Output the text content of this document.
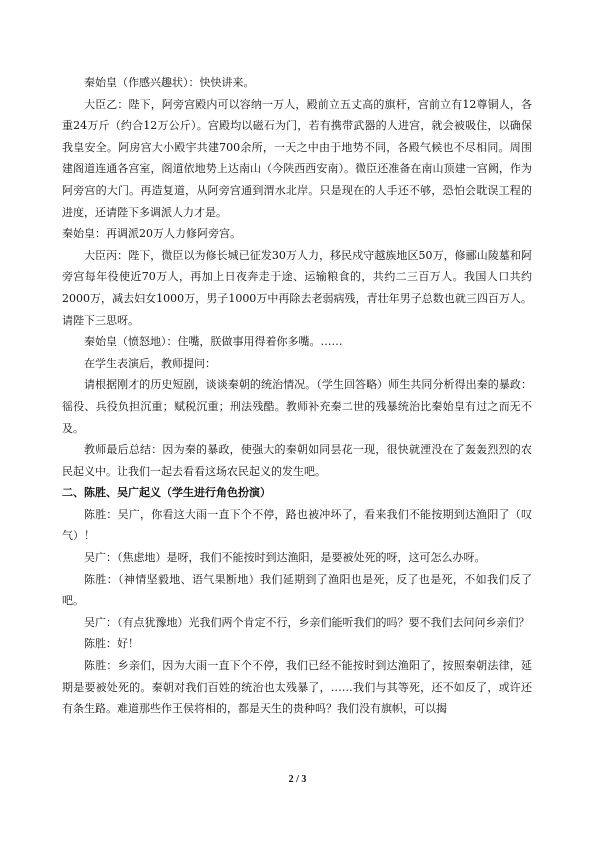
秦始皇（作感兴趣状）：快快讲来。

大臣乙：陛下，阿旁宫殿内可以容纳一万人，殿前立五丈高的旗杆，宫前立有12尊铜人，各重24万斤（约合12万公斤）。宫殿均以磁石为门，若有携带武器的人进宫，就会被吸住，以确保我皇安全。阿房宫大小殿宇共建700余所，一天之中由于地势不同，各殿气候也不尽相同。周围建阁道连通各宫室，阁道依地势上达南山（今陕西西安南）。微臣还准备在南山顶建一宫阙，作为阿旁宫的大门。再造复道，从阿旁宫通到渭水北岸。只是现在的人手还不够，恐怕会耽误工程的进度，还请陛下多调派人力才是。

秦始皇：再调派20万人力修阿旁宫。

大臣丙：陛下，微臣以为修长城已征发30万人力，移民戍守越族地区50万，修郦山陵墓和阿旁宫每年役使近70万人，再加上日夜奔走于途、运输粮食的，共约二三百万人。我国人口共约2000万，减去妇女1000万，男子1000万中再除去老弱病残，青壮年男子总数也就三四百万人。请陛下三思呀。

秦始皇（愤怒地）：住嘴，朕做事用得着你多嘴。……

在学生表演后，教师提问：

请根据刚才的历史短剧，谈谈秦朝的统治情况。（学生回答略）师生共同分析得出秦的暴政：徭役、兵役负担沉重；赋税沉重；刑法残酷。教师补充秦二世的残暴统治比秦始皇有过之而无不及。

教师最后总结：因为秦的暴政，使强大的秦朝如同昙花一现，很快就湮没在了轰轰烈烈的农民起义中。让我们一起去看看这场农民起义的发生吧。

二、陈胜、吴广起义（学生进行角色扮演）

陈胜：吴广，你看这大雨一直下个不停，路也被冲坏了，看来我们不能按期到达渔阳了（叹气）！

吴广：（焦虑地）是呀，我们不能按时到达渔阳，是要被处死的呀，这可怎么办呀。

陈胜：（神情坚毅地、语气果断地）我们延期到了渔阳也是死，反了也是死，不如我们反了吧。

吴广：（有点犹豫地）光我们两个肯定不行，乡亲们能听我们的吗？要不我们去问问乡亲们？

陈胜：好！

陈胜：乡亲们，因为大雨一直下个不停，我们已经不能按时到达渔阳了，按照秦朝法律，延期是要被处死的。秦朝对我们百姓的统治也太残暴了，……我们与其等死，还不如反了，或许还有条生路。难道那些作王侯将相的，都是天生的贵种吗？我们没有旗帜，可以揭

2 / 3
